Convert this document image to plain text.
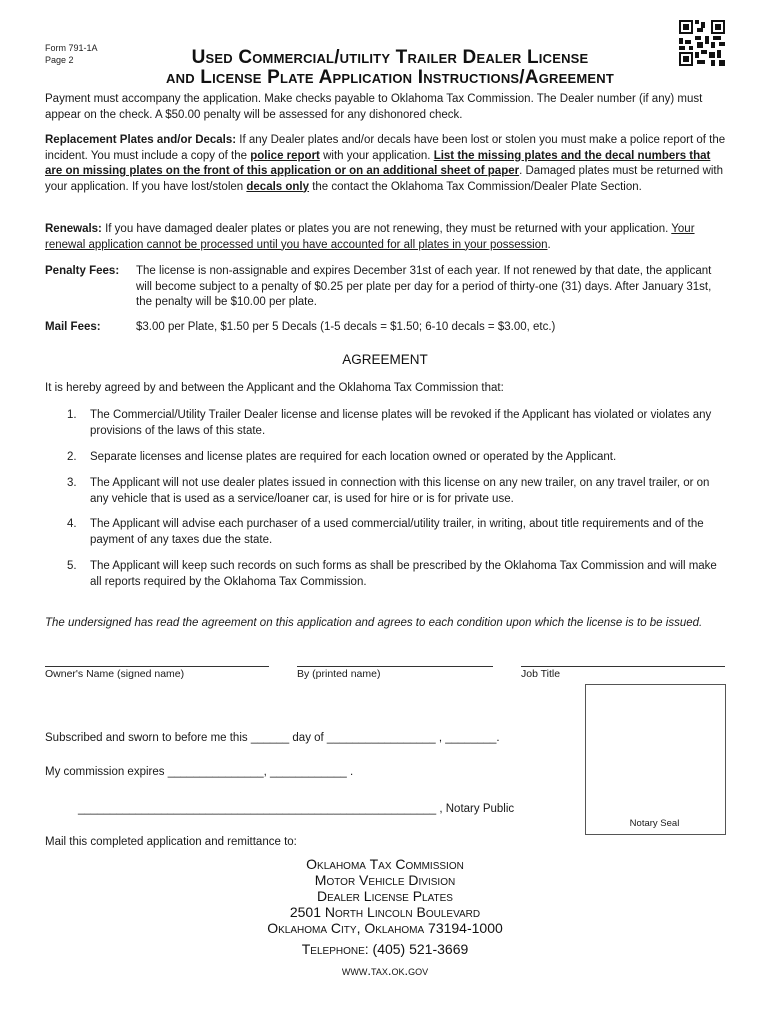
Form 791-1A
Page 2	Used Commercial/utility Trailer Dealer License
and License Plate Application Instructions/Agreement
Payment must accompany the application. Make checks payable to Oklahoma Tax Commission. The Dealer number (if any) must appear on the check. A $50.00 penalty will be assessed for any dishonored check.
Replacement Plates and/or Decals: If any Dealer plates and/or decals have been lost or stolen you must make a police report of the incident. You must include a copy of the police report with your application. List the missing plates and the decal numbers that are on missing plates on the front of this application or on an additional sheet of paper. Damaged plates must be returned with your application. If you have lost/stolen decals only the contact the Oklahoma Tax Commission/Dealer Plate Section.
Renewals: If you have damaged dealer plates or plates you are not renewing, they must be returned with your application. Your renewal application cannot be processed until you have accounted for all plates in your possession.
Penalty Fees: The license is non-assignable and expires December 31st of each year. If not renewed by that date, the applicant will become subject to a penalty of $0.25 per plate per day for a period of thirty-one (31) days. After January 31st, the penalty will be $10.00 per plate.
Mail Fees:	$3.00 per Plate, $1.50 per 5 Decals (1-5 decals = $1.50; 6-10 decals = $3.00, etc.)
AGREEMENT
It is hereby agreed by and between the Applicant and the Oklahoma Tax Commission that:
1. The Commercial/Utility Trailer Dealer license and license plates will be revoked if the Applicant has violated or violates any provisions of the laws of this state.
2. Separate licenses and license plates are required for each location owned or operated by the Applicant.
3. The Applicant will not use dealer plates issued in connection with this license on any new trailer, on any travel trailer, or on any vehicle that is used as a service/loaner car, is used for hire or is for private use.
4. The Applicant will advise each purchaser of a used commercial/utility trailer, in writing, about title requirements and of the payment of any taxes due the state.
5. The Applicant will keep such records on such forms as shall be prescribed by the Oklahoma Tax Commission and will make all reports required by the Oklahoma Tax Commission.
The undersigned has read the agreement on this application and agrees to each condition upon which the license is to be issued.
Owner's Name (signed name)	By (printed name)	Job Title
Subscribed and sworn to before me this ______ day of _________________ , ________.
My commission expires _______________, ____________ .
________________________________________________________ , Notary Public
Notary Seal
Mail this completed application and remittance to:
Oklahoma Tax Commission
Motor Vehicle Division
Dealer License Plates
2501 North Lincoln Boulevard
Oklahoma City, Oklahoma 73194-1000
Telephone: (405) 521-3669
www.tax.ok.gov
